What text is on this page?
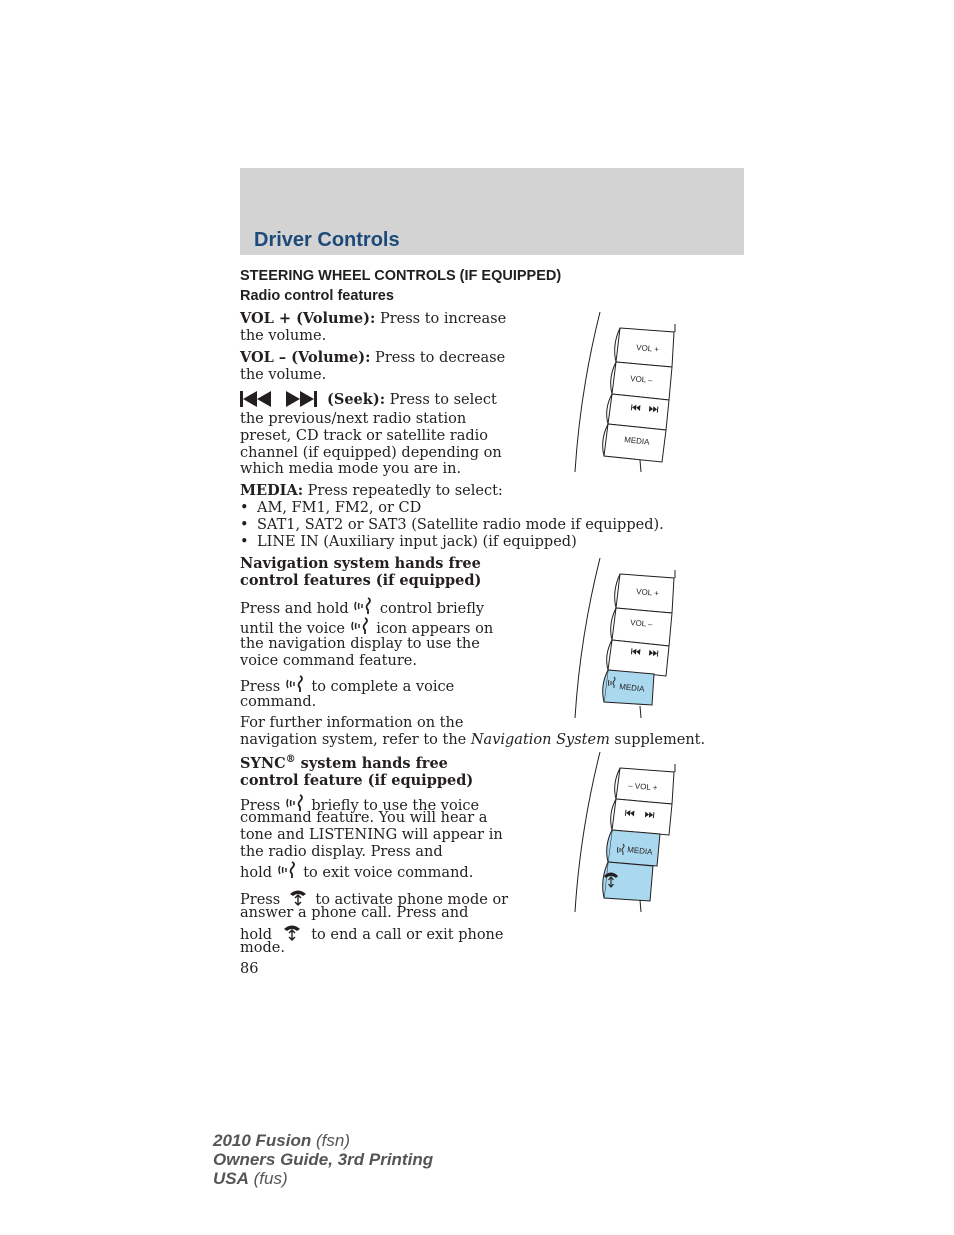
Driver Controls
STEERING WHEEL CONTROLS (IF EQUIPPED)
Radio control features
VOL + (Volume): Press to increase
the volume.
VOL – (Volume): Press to decrease
the volume.
(Seek): Press to select
the previous/next radio station
preset, CD track or satellite radio
channel (if equipped) depending on
which media mode you are in.
MEDIA: Press repeatedly to select:
• AM, FM1, FM2, or CD
• SAT1, SAT2 or SAT3 (Satellite radio mode if equipped).
• LINE IN (Auxiliary input jack) (if equipped)
Navigation system hands free
control features (if equipped)
Press and hold  control briefly
until the voice  icon appears on
the navigation display to use the
voice command feature.
Press  to complete a voice
command.
For further information on the
navigation system, refer to the Navigation System supplement.
SYNC® system hands free
control feature (if equipped)
Press  briefly to use the voice
command feature. You will hear a
tone and LISTENING will appear in
the radio display. Press and
hold  to exit voice command.
Press  to activate phone mode or
answer a phone call. Press and
hold  to end a call or exit phone
mode.
86
VOL +
VOL –
MEDIA
VOL +
VOL –
MEDIA
– VOL +
MEDIA
2010 Fusion (fsn)
Owners Guide, 3rd Printing
USA (fus)
